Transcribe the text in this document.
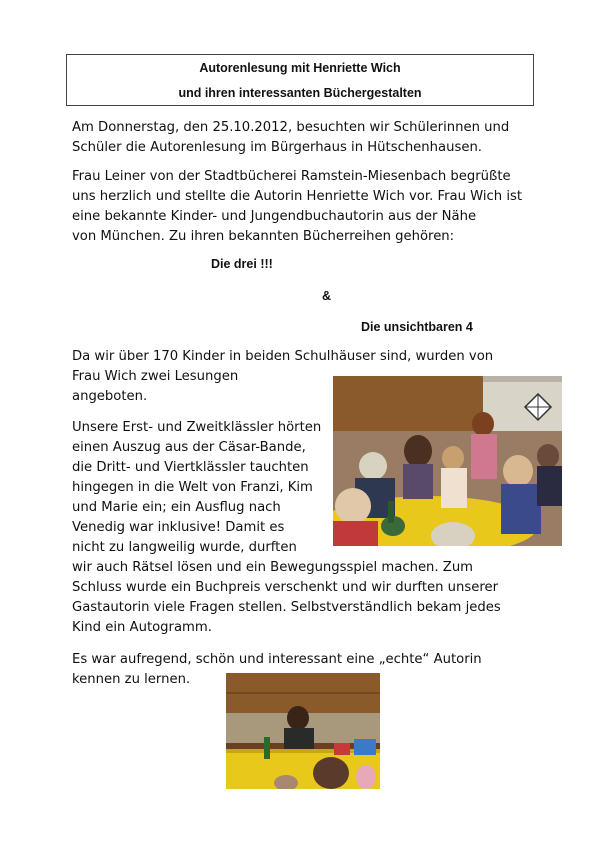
Autorenlesung mit Henriette Wich
und ihren interessanten Büchergestalten
Am Donnerstag, den 25.10.2012, besuchten wir Schülerinnen und
Schüler die Autorenlesung im Bürgerhaus in Hütschenhausen.
Frau Leiner von der Stadtbücherei Ramstein-Miesenbach begrüßte
uns herzlich und stellte die Autorin Henriette Wich vor. Frau Wich ist
eine bekannte Kinder- und Jungendbuchautorin aus der Nähe
von München. Zu ihren bekannten Bücherreihen gehören:
Die drei !!!
&
Die unsichtbaren 4
Da wir über 170 Kinder in beiden Schulhäuser sind, wurden von
Frau Wich zwei Lesungen
angeboten.
Unsere Erst- und Zweitklässler hörten
einen Auszug aus der Cäsar-Bande,
die Dritt- und Viertklässler tauchten
hingegen in die Welt von Franzi, Kim
und Marie ein; ein Ausflug nach
Venedig war inklusive! Damit es
nicht zu langweilig wurde, durften
wir auch Rätsel lösen und ein Bewegungsspiel machen. Zum
Schluss wurde ein Buchpreis verschenkt und wir durften unserer
Gastautorin viele Fragen stellen. Selbstverständlich bekam jedes
Kind ein Autogramm.
Es war aufregend, schön und interessant eine „echte“ Autorin
kennen zu lernen.
